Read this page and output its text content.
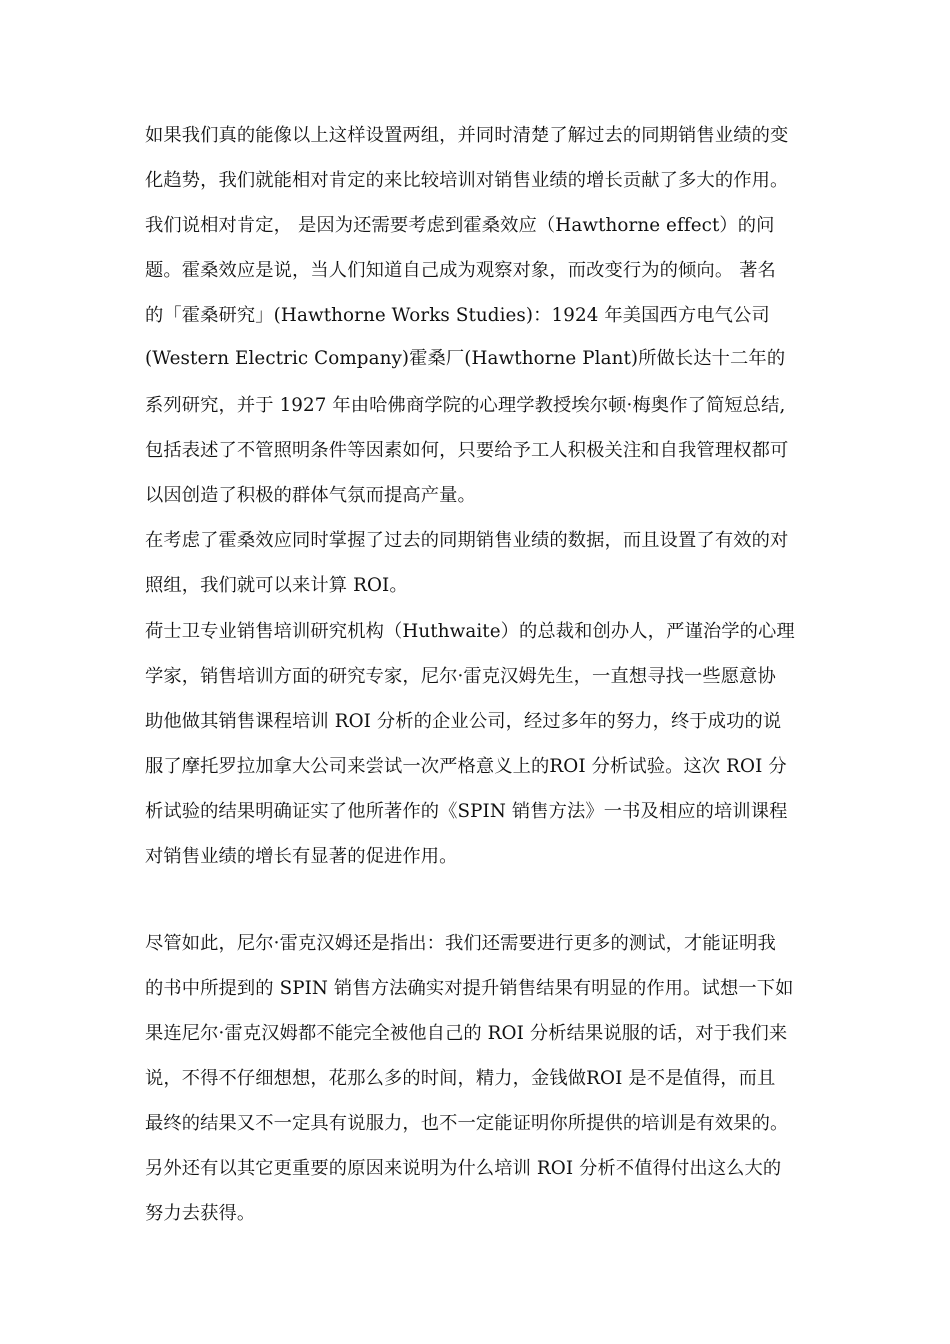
如果我们真的能像以上这样设置两组，并同时清楚了解过去的同期销售业绩的变
化趋势，我们就能相对肯定的来比较培训对销售业绩的增长贡献了多大的作用。
我们说相对肯定， 是因为还需要考虑到霍桑效应（Hawthorne effect）的问
题。霍桑效应是说，当人们知道自己成为观察对象，而改变行为的倾向。 著名
的「霍桑研究」(Hawthorne Works Studies)：1924 年美国西方电气公司
(Western Electric Company)霍桑厂(Hawthorne Plant)所做长达十二年的
系列研究，并于 1927 年由哈佛商学院的心理学教授埃尔顿·梅奥作了简短总结,
包括表述了不管照明条件等因素如何，只要给予工人积极关注和自我管理权都可
以因创造了积极的群体气氛而提高产量。
在考虑了霍桑效应同时掌握了过去的同期销售业绩的数据，而且设置了有效的对
照组，我们就可以来计算 ROI。
荷士卫专业销售培训研究机构（Huthwaite）的总裁和创办人，严谨治学的心理
学家，销售培训方面的研究专家，尼尔·雷克汉姆先生，一直想寻找一些愿意协
助他做其销售课程培训 ROI 分析的企业公司，经过多年的努力，终于成功的说
服了摩托罗拉加拿大公司来尝试一次严格意义上的ROI 分析试验。这次 ROI 分
析试验的结果明确证实了他所著作的《SPIN 销售方法》一书及相应的培训课程
对销售业绩的增长有显著的促进作用。
尽管如此，尼尔·雷克汉姆还是指出：我们还需要进行更多的测试，才能证明我
的书中所提到的 SPIN 销售方法确实对提升销售结果有明显的作用。试想一下如
果连尼尔·雷克汉姆都不能完全被他自己的 ROI 分析结果说服的话，对于我们来
说，不得不仔细想想，花那么多的时间，精力，金钱做ROI 是不是值得，而且
最终的结果又不一定具有说服力，也不一定能证明你所提供的培训是有效果的。
另外还有以其它更重要的原因来说明为什么培训 ROI 分析不值得付出这么大的
努力去获得。
